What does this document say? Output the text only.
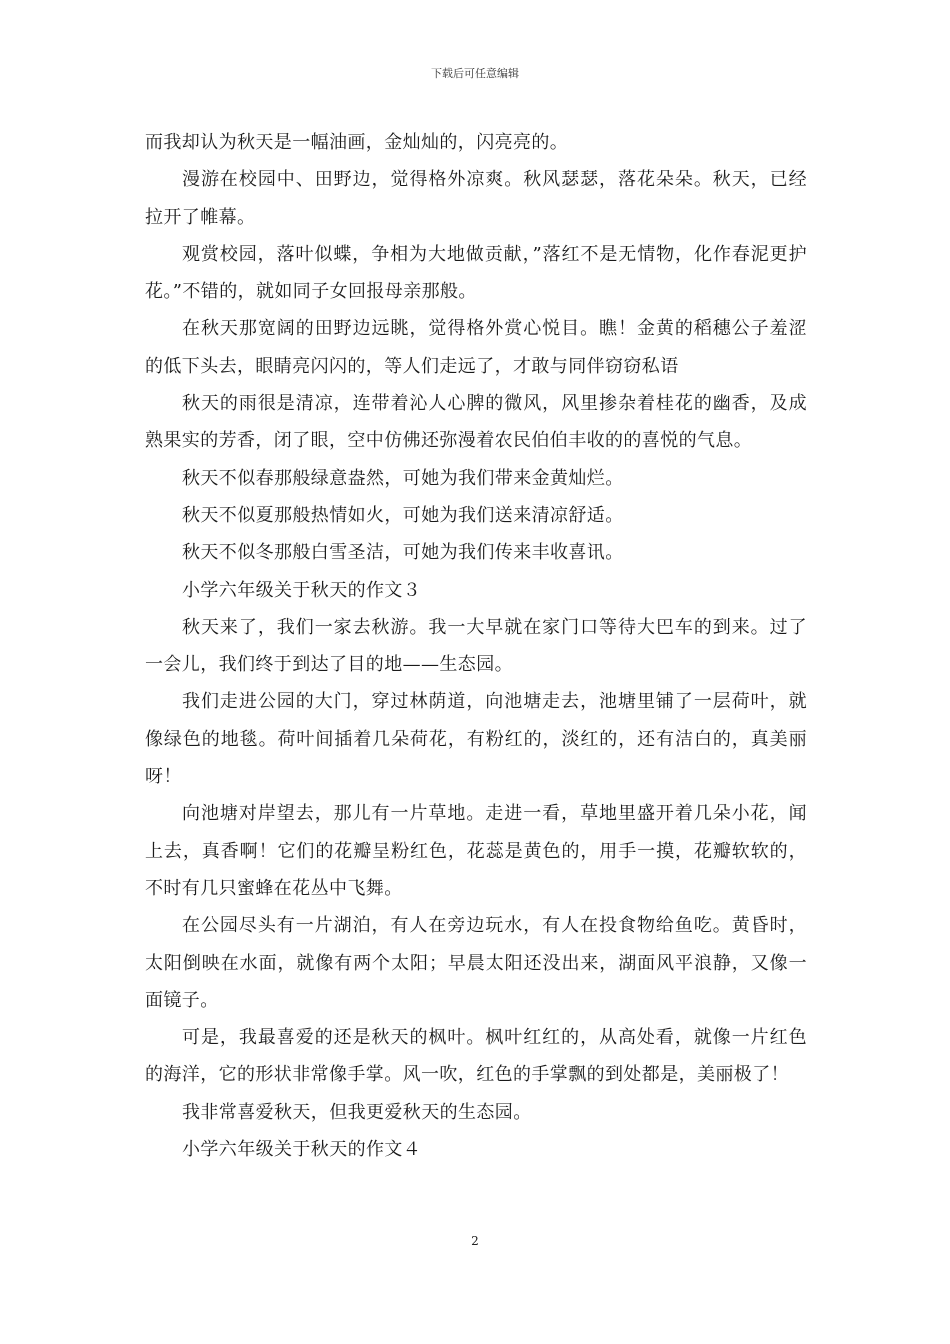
下载后可任意编辑

而我却认为秋天是一幅油画，金灿灿的，闪亮亮的。

漫游在校园中、田野边，觉得格外凉爽。秋风瑟瑟，落花朵朵。秋天，已经拉开了帷幕。

观赏校园，落叶似蝶，争相为大地做贡献，”落红不是无情物，化作春泥更护花。”不错的，就如同子女回报母亲那般。

在秋天那宽阔的田野边远眺，觉得格外赏心悦目。瞧！金黄的稻穗公子羞涩的低下头去，眼睛亮闪闪的，等人们走远了，才敢与同伴窃窃私语

秋天的雨很是清凉，连带着沁人心脾的微风，风里掺杂着桂花的幽香，及成熟果实的芳香，闭了眼，空中仿佛还弥漫着农民伯伯丰收的的喜悦的气息。

秋天不似春那般绿意盎然，可她为我们带来金黄灿烂。

秋天不似夏那般热情如火，可她为我们送来清凉舒适。

秋天不似冬那般白雪圣洁，可她为我们传来丰收喜讯。

小学六年级关于秋天的作文３

秋天来了，我们一家去秋游。我一大早就在家门口等待大巴车的到来。过了一会儿，我们终于到达了目的地——生态园。

我们走进公园的大门，穿过林荫道，向池塘走去，池塘里铺了一层荷叶，就像绿色的地毯。荷叶间插着几朵荷花，有粉红的，淡红的，还有洁白的，真美丽呀！

向池塘对岸望去，那儿有一片草地。走进一看，草地里盛开着几朵小花，闻上去，真香啊！它们的花瓣呈粉红色，花蕊是黄色的，用手一摸，花瓣软软的，不时有几只蜜蜂在花丛中飞舞。

在公园尽头有一片湖泊，有人在旁边玩水，有人在投食物给鱼吃。黄昏时，太阳倒映在水面，就像有两个太阳；早晨太阳还没出来，湖面风平浪静，又像一面镜子。

可是，我最喜爱的还是秋天的枫叶。枫叶红红的，从高处看，就像一片红色的海洋，它的形状非常像手掌。风一吹，红色的手掌飘的到处都是，美丽极了！

我非常喜爱秋天，但我更爱秋天的生态园。

小学六年级关于秋天的作文４

2
